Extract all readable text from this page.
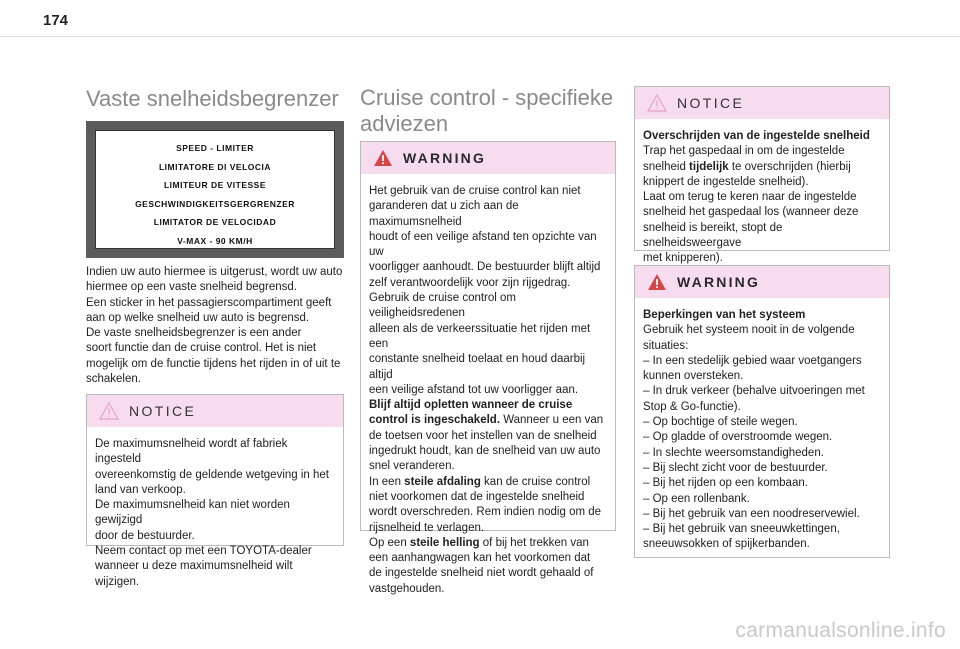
174
Vaste snelheidsbegrenzer
SPEED - LIMITER
LIMITATORE DI VELOCIA
LIMITEUR DE VITESSE
GESCHWINDIGKEITSGERGRENZER
LIMITATOR DE VELOCIDAD
V-MAX - 90 KM/H
Indien uw auto hiermee is uitgerust, wordt uw auto
hiermee op een vaste snelheid begrensd.
Een sticker in het passagierscompartiment geeft
aan op welke snelheid uw auto is begrensd.
De vaste snelheidsbegrenzer is een ander
soort functie dan de cruise control. Het is niet
mogelijk om de functie tijdens het rijden in of uit te
schakelen.
NOTICE

De maximumsnelheid wordt af fabriek ingesteld

overeenkomstig de geldende wetgeving in het

land van verkoop.

De maximumsnelheid kan niet worden gewijzigd

door de bestuurder.

Neem contact op met een TOYOTA-dealer

wanneer u deze maximumsnelheid wilt wijzigen.

Cruise control - specifieke adviezen
WARNING

Het gebruik van de cruise control kan niet

garanderen dat u zich aan de maximumsnelheid

houdt of een veilige afstand ten opzichte van uw

voorligger aanhoudt. De bestuurder blijft altijd

zelf verantwoordelijk voor zijn rijgedrag.

Gebruik de cruise control om veiligheidsredenen

alleen als de verkeerssituatie het rijden met een

constante snelheid toelaat en houd daarbij altijd

een veilige afstand tot uw voorligger aan.

Blijf altijd opletten wanneer de cruise

control is ingeschakeld. Wanneer u een van

de toetsen voor het instellen van de snelheid

ingedrukt houdt, kan de snelheid van uw auto

snel veranderen.

In een steile afdaling kan de cruise control

niet voorkomen dat de ingestelde snelheid

wordt overschreden. Rem indien nodig om de

rijsnelheid te verlagen.

Op een steile helling of bij het trekken van

een aanhangwagen kan het voorkomen dat

de ingestelde snelheid niet wordt gehaald of

vastgehouden.

NOTICE

Overschrijden van de ingestelde snelheid

Trap het gaspedaal in om de ingestelde

snelheid tijdelijk te overschrijden (hierbij

knippert de ingestelde snelheid).

Laat om terug te keren naar de ingestelde

snelheid het gaspedaal los (wanneer deze

snelheid is bereikt, stopt de snelheidsweergave

met knipperen).

WARNING

Beperkingen van het systeem

Gebruik het systeem nooit in de volgende

situaties:

– In een stedelijk gebied waar voetgangers

kunnen oversteken.

– In druk verkeer (behalve uitvoeringen met

Stop & Go-functie).

– Op bochtige of steile wegen.

– Op gladde of overstroomde wegen.

– In slechte weersomstandigheden.

– Bij slecht zicht voor de bestuurder.

– Bij het rijden op een kombaan.

– Op een rollenbank.

– Bij het gebruik van een noodreservewiel.

– Bij het gebruik van sneeuwkettingen,

sneeuwsokken of spijkerbanden.

carmanualsonline.info
